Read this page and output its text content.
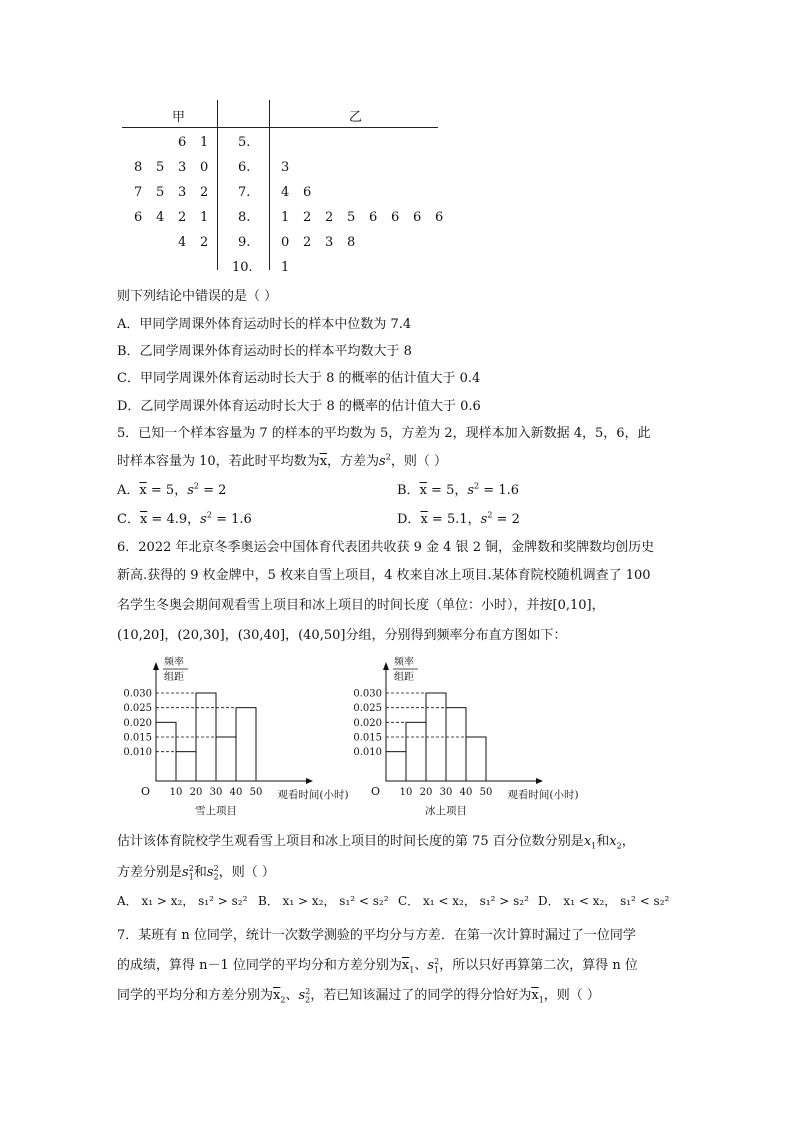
甲	乙
6 1 5.
8 5 3 0 6. 3
7 5 3 2 7. 4 6
6 4 2 1 8. 1 2 2 5 6 6 6 6
4 2 9. 0 2 3 8
10. 1
则下列结论中错误的是（ ）
A．甲同学周课外体育运动时长的样本中位数为 7.4
B．乙同学周课外体育运动时长的样本平均数大于 8
C．甲同学周课外体育运动时长大于 8 的概率的估计值大于 0.4
D．乙同学周课外体育运动时长大于 8 的概率的估计值大于 0.6
5．已知一个样本容量为 7 的样本的平均数为 5，方差为 2，现样本加入新数据 4，5，6，此
时样本容量为 10，若此时平均数为$\overline{x}$，方差为$s^2$，则（ ）
A．$\overline{x} = 5$，$s^2 = 2$	B．$\overline{x} = 5$，$s^2 = 1.6$
C．$\overline{x} = 4.9$，$s^2 = 1.6$	D．$\overline{x} = 5.1$，$s^2 = 2$
6．2022 年北京冬季奥运会中国体育代表团共收获 9 金 4 银 2 铜，金牌数和奖牌数均创历史
新高.获得的 9 枚金牌中，5 枚来自雪上项目，4 枚来自冰上项目.某体育院校随机调查了 100
名学生冬奥会期间观看雪上项目和冰上项目的时间长度（单位：小时），并按[0,10]，
(10,20]，(20,30]，(30,40]，(40,50]分组，分别得到频率分布直方图如下：
频率
组距
0.030
0.025
0.020
0.015
0.010
O 10 20 30 40 50 观看时间(小时)
雪上项目
频率
组距
0.030
0.025
0.020
0.015
0.010
O 10 20 30 40 50 观看时间(小时)
冰上项目
估计该体育院校学生观看雪上项目和冰上项目的时间长度的第 75 百分位数分别是$x_1$和$x_2$，
方差分别是$s_1^2$和$s_2^2$，则（ ）
A． x₁ > x₂， s₁² > s₂² B． x₁ > x₂， s₁² < s₂² C． x₁ < x₂， s₁² > s₂² D． x₁ < x₂， s₁² < s₂²
7．某班有 n 位同学，统计一次数学测验的平均分与方差．在第一次计算时漏过了一位同学
的成绩，算得 n－1 位同学的平均分和方差分别为$\overline{x}_1$、$s_1^2$，所以只好再算第二次，算得 n 位
同学的平均分和方差分别为$\overline{x}_2$、$s_2^2$，若已知该漏过了的同学的得分恰好为$\overline{x}_1$，则（ ）
